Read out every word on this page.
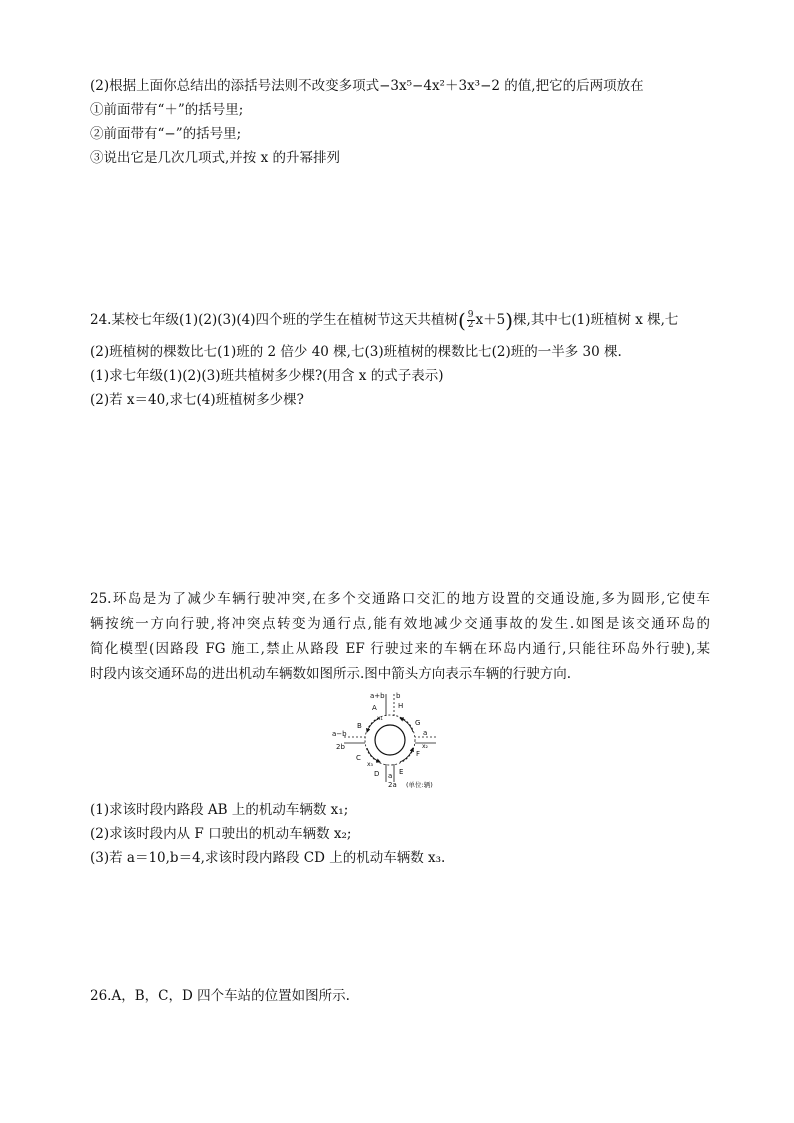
(2)根据上面你总结出的添括号法则不改变多项式−3x⁵−4x²＋3x³−2 的值,把它的后两项放在
①前面带有“＋”的括号里;
②前面带有“−”的括号里;
③说出它是几次几项式,并按 x 的升幂排列
24.某校七年级(1)(2)(3)(4)四个班的学生在植树节这天共植树( $\frac{9}{2} x+5$)棵,其中七(1)班植树 x 棵,七
(2)班植树的棵数比七(1)班的 2 倍少 40 棵,七(3)班植树的棵数比七(2)班的一半多 30 棵.
(1)求七年级(1)(2)(3)班共植树多少棵?(用含 x 的式子表示)
(2)若 x＝40,求七(4)班植树多少棵?
25.环岛是为了减少车辆行驶冲突,在多个交通路口交汇的地方设置的交通设施,多为圆形,它使车
辆按统一方向行驶,将冲突点转变为通行点,能有效地减少交通事故的发生.如图是该交通环岛的
简化模型(因路段 FG 施工,禁止从路段 EF 行驶过来的车辆在环岛内通行,只能往环岛外行驶),某
时段内该交通环岛的进出机动车辆数如图所示.图中箭头方向表示车辆的行驶方向.
a+b b
A	H
x₁
B	G
a−b
2b
a
x₂
C	F
x₃
D	E
a
2a (单位:辆)
(1)求该时段内路段 AB 上的机动车辆数 x₁;
(2)求该时段内从 F 口驶出的机动车辆数 x₂;
(3)若 a＝10,b＝4,求该时段内路段 CD 上的机动车辆数 x₃.
26.A，B，C，D 四个车站的位置如图所示.
